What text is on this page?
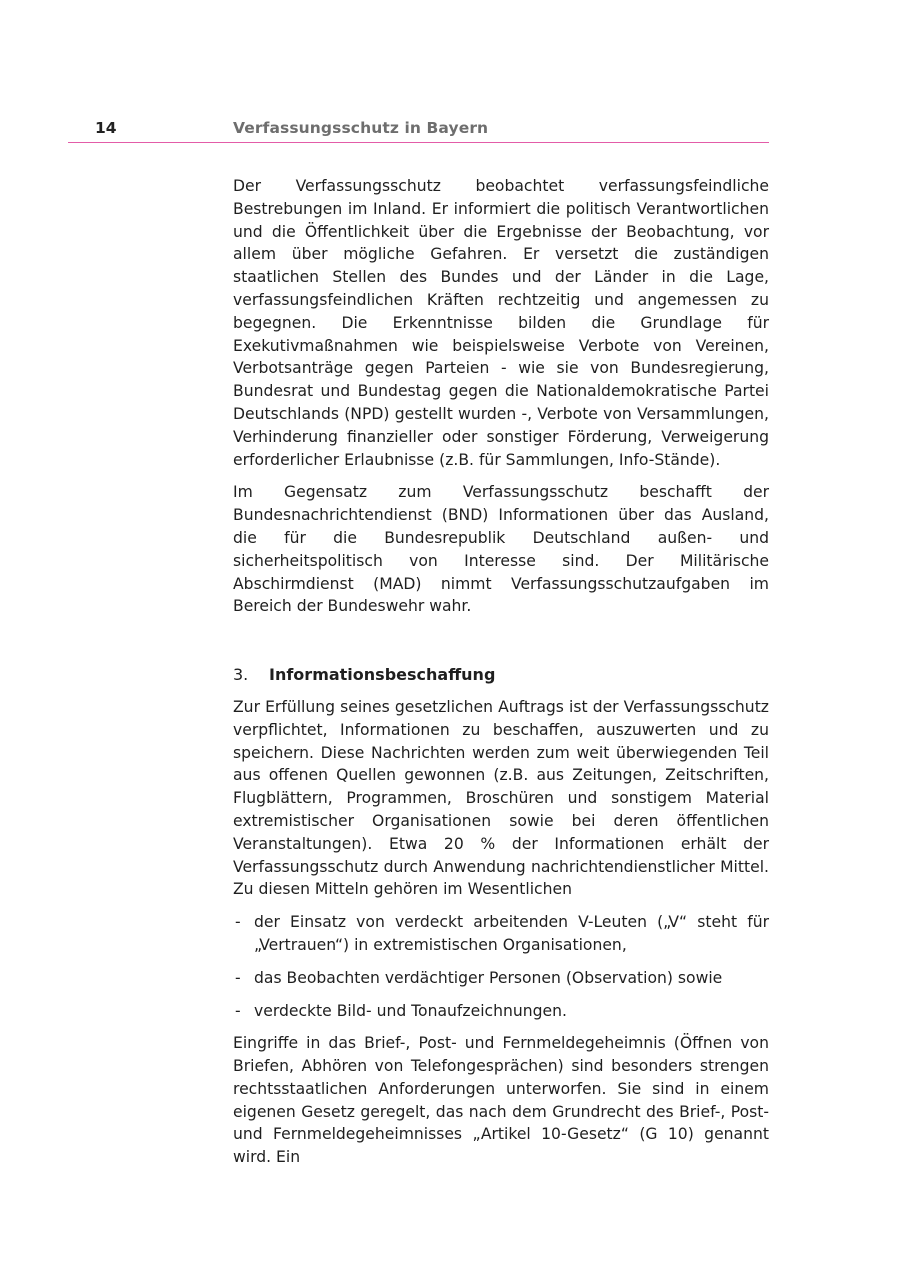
14	Verfassungsschutz in Bayern

Der Verfassungsschutz beobachtet verfassungsfeindliche Bestrebungen im Inland. Er informiert die politisch Verantwortlichen und die Öffentlichkeit über die Ergebnisse der Beobachtung, vor allem über mögliche Gefahren. Er versetzt die zuständigen staatlichen Stellen des Bundes und der Länder in die Lage, verfassungsfeindlichen Kräften rechtzeitig und angemessen zu begegnen. Die Erkenntnisse bilden die Grundlage für Exekutivmaßnahmen wie beispielsweise Verbote von Vereinen, Verbotsanträge gegen Parteien - wie sie von Bundesregierung, Bundesrat und Bundestag gegen die Nationaldemokratische Partei Deutschlands (NPD) gestellt wurden -, Verbote von Versammlungen, Verhinderung finanzieller oder sonstiger Förderung, Verweigerung erforderlicher Erlaubnisse (z.B. für Sammlungen, Info-Stände).

Im Gegensatz zum Verfassungsschutz beschafft der Bundesnachrichtendienst (BND) Informationen über das Ausland, die für die Bundesrepublik Deutschland außen- und sicherheitspolitisch von Interesse sind. Der Militärische Abschirmdienst (MAD) nimmt Verfassungsschutzaufgaben im Bereich der Bundeswehr wahr.

3.	Informationsbeschaffung

Zur Erfüllung seines gesetzlichen Auftrags ist der Verfassungsschutz verpflichtet, Informationen zu beschaffen, auszuwerten und zu speichern. Diese Nachrichten werden zum weit überwiegenden Teil aus offenen Quellen gewonnen (z.B. aus Zeitungen, Zeitschriften, Flugblättern, Programmen, Broschüren und sonstigem Material extremistischer Organisationen sowie bei deren öffentlichen Veranstaltungen). Etwa 20 % der Informationen erhält der Verfassungsschutz durch Anwendung nachrichtendienstlicher Mittel. Zu diesen Mitteln gehören im Wesentlichen

- der Einsatz von verdeckt arbeitenden V-Leuten („V“ steht für „Vertrauen“) in extremistischen Organisationen,
- das Beobachten verdächtiger Personen (Observation) sowie
- verdeckte Bild- und Tonaufzeichnungen.

Eingriffe in das Brief-, Post- und Fernmeldegeheimnis (Öffnen von Briefen, Abhören von Telefongesprächen) sind besonders strengen rechtsstaatlichen Anforderungen unterworfen. Sie sind in einem eigenen Gesetz geregelt, das nach dem Grundrecht des Brief-, Post- und Fernmeldegeheimnisses „Artikel 10-Gesetz“ (G 10) genannt wird. Ein
